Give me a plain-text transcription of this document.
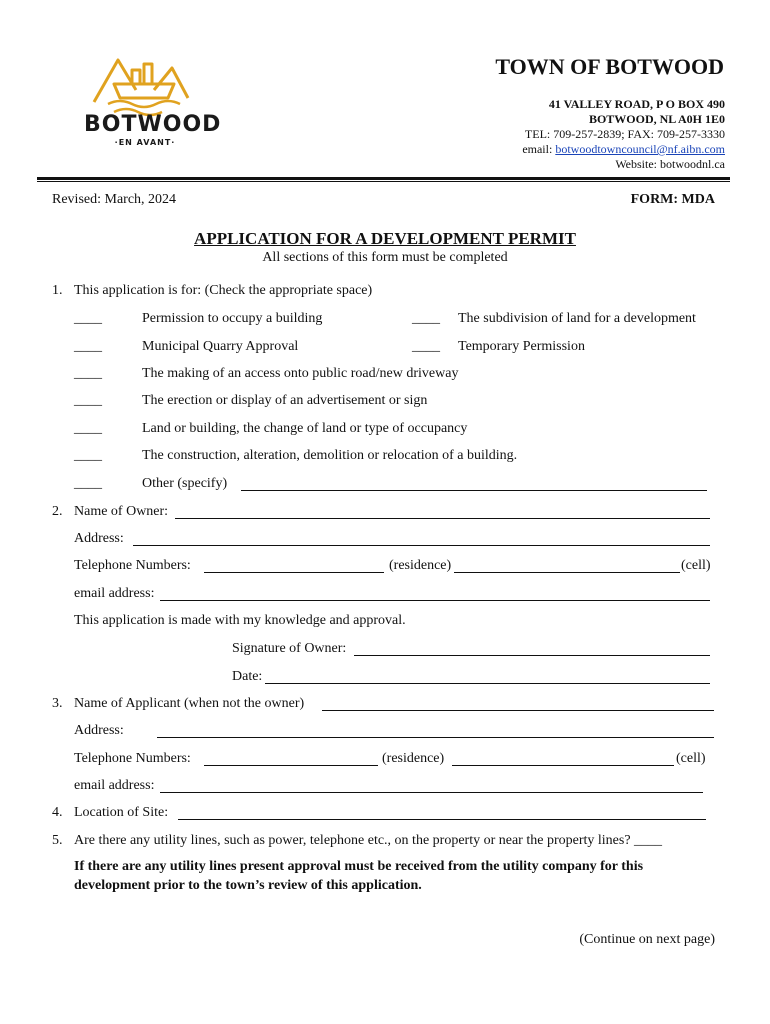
BOTWOOD
·EN AVANT·
TOWN OF BOTWOOD
41 VALLEY ROAD, P O BOX 490
BOTWOOD, NL A0H 1E0
TEL: 709-257-2839; FAX: 709-257-3330
email: botwoodtowncouncil@nf.aibn.com
Website: botwoodnl.ca
Revised: March, 2024	FORM: MDA
APPLICATION FOR A DEVELOPMENT PERMIT
All sections of this form must be completed
1. This application is for: (Check the appropriate space)
____	Permission to occupy a building	____ The subdivision of land for a development
____	Municipal Quarry Approval	____ Temporary Permission
____	The making of an access onto public road/new driveway
____	The erection or display of an advertisement or sign
____	Land or building, the change of land or type of occupancy
____	The construction, alteration, demolition or relocation of a building.
____	Other (specify)
2. Name of Owner:
Address:
Telephone Numbers:	(residence)	(cell)
email address:
This application is made with my knowledge and approval.
Signature of Owner:
Date:
3. Name of Applicant (when not the owner)
Address:
Telephone Numbers:	(residence)	(cell)
email address:
4. Location of Site:
5. Are there any utility lines, such as power, telephone etc., on the property or near the property lines? ____
If there are any utility lines present approval must be received from the utility company for this
development prior to the town’s review of this application.
(Continue on next page)
